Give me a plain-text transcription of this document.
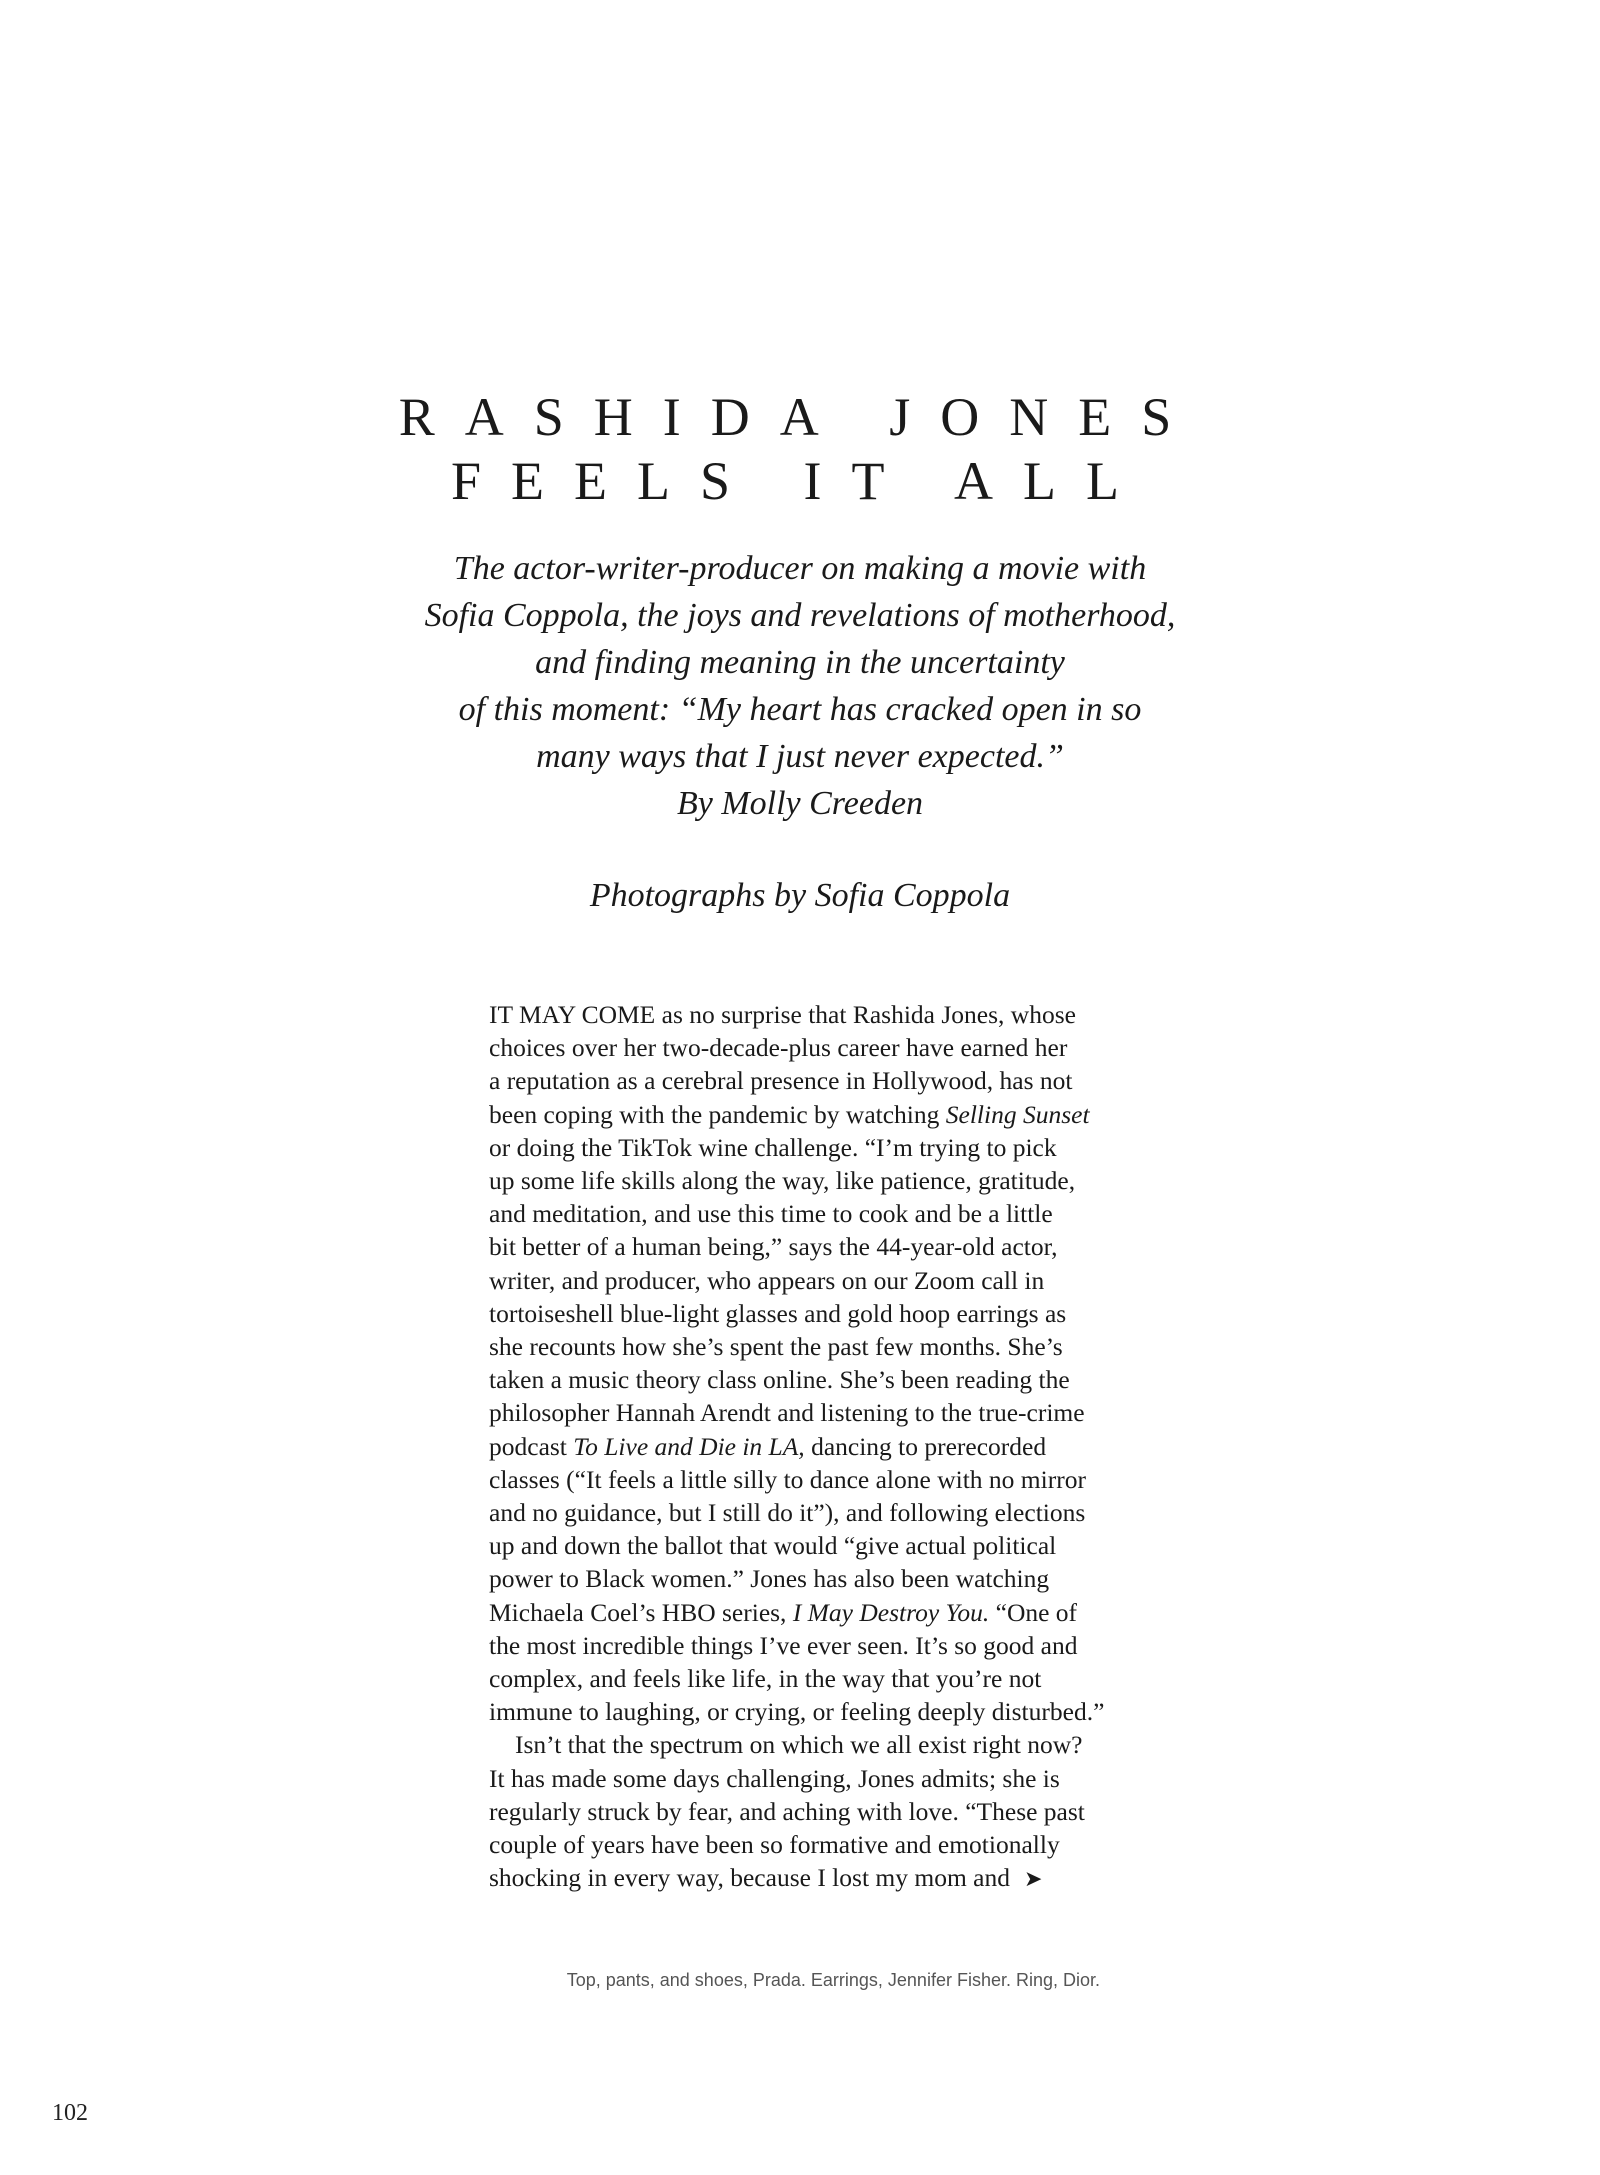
RASHIDA JONES
FEELS IT ALL

The actor-writer-producer on making a movie with
Sofia Coppola, the joys and revelations of motherhood,
and finding meaning in the uncertainty
of this moment: “My heart has cracked open in so
many ways that I just never expected.”
By Molly Creeden

Photographs by Sofia Coppola

IT MAY COME as no surprise that Rashida Jones, whose
choices over her two-decade-plus career have earned her
a reputation as a cerebral presence in Hollywood, has not
been coping with the pandemic by watching Selling Sunset
or doing the TikTok wine challenge. “I’m trying to pick
up some life skills along the way, like patience, gratitude,
and meditation, and use this time to cook and be a little
bit better of a human being,” says the 44-year-old actor,
writer, and producer, who appears on our Zoom call in
tortoiseshell blue-light glasses and gold hoop earrings as
she recounts how she’s spent the past few months. She’s
taken a music theory class online. She’s been reading the
philosopher Hannah Arendt and listening to the true-crime
podcast To Live and Die in LA, dancing to prerecorded
classes (“It feels a little silly to dance alone with no mirror
and no guidance, but I still do it”), and following elections
up and down the ballot that would “give actual political
power to Black women.” Jones has also been watching
Michaela Coel’s HBO series, I May Destroy You. “One of
the most incredible things I’ve ever seen. It’s so good and
complex, and feels like life, in the way that you’re not
immune to laughing, or crying, or feeling deeply disturbed.”

Isn’t that the spectrum on which we all exist right now?
It has made some days challenging, Jones admits; she is
regularly struck by fear, and aching with love. “These past
couple of years have been so formative and emotionally
shocking in every way, because I lost my mom and ➤

Top, pants, and shoes, Prada. Earrings, Jennifer Fisher. Ring, Dior.
102
